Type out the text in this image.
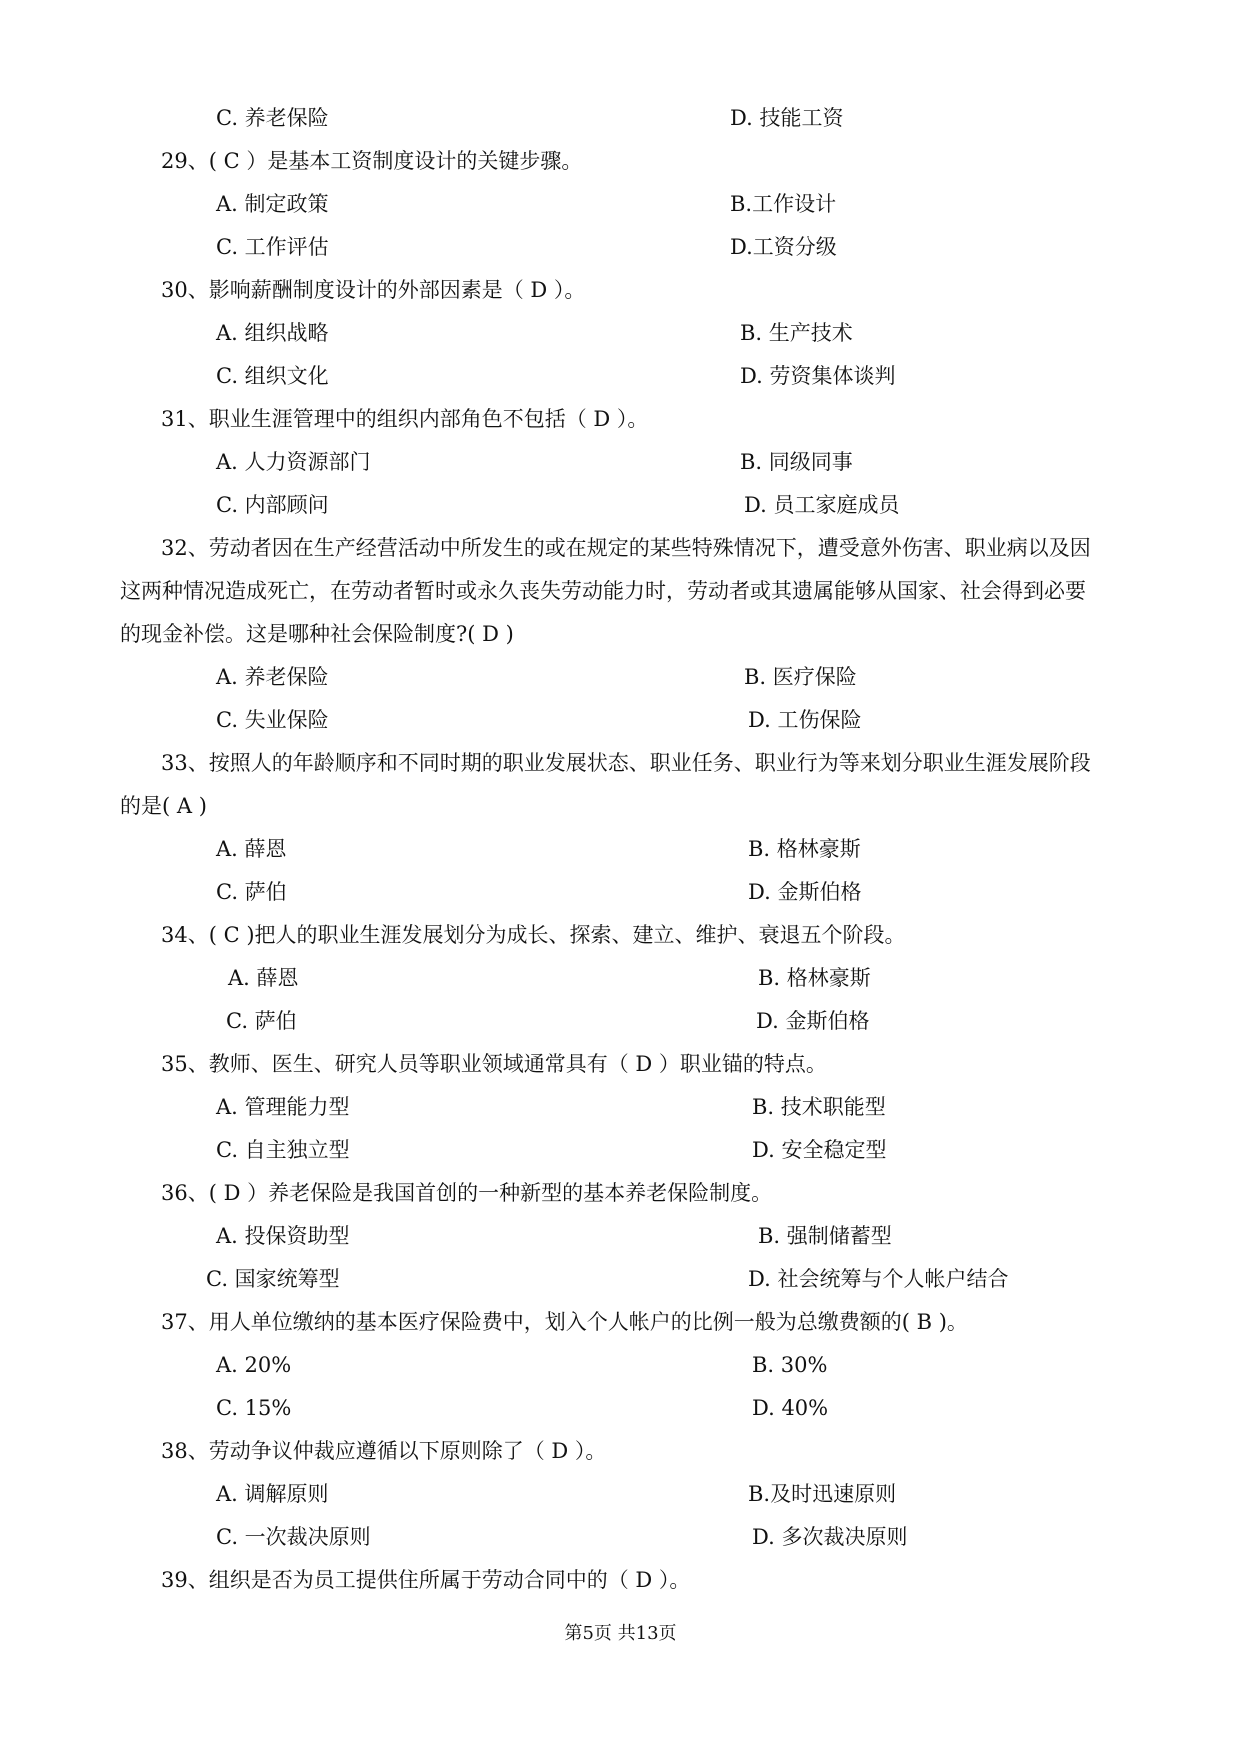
C. 养老保险	D. 技能工资
29、( C ）是基本工资制度设计的关键步骤。
A. 制定政策	B.工作设计
C. 工作评估	D.工资分级
30、影响薪酬制度设计的外部因素是（ D ）。
A. 组织战略	B. 生产技术
C. 组织文化	D. 劳资集体谈判
31、职业生涯管理中的组织内部角色不包括（ D ）。
A. 人力资源部门	B. 同级同事
C. 内部顾问	D. 员工家庭成员
32、劳动者因在生产经营活动中所发生的或在规定的某些特殊情况下，遭受意外伤害、职业病以及因
这两种情况造成死亡，在劳动者暂时或永久丧失劳动能力时，劳动者或其遗属能够从国家、社会得到必要
的现金补偿。这是哪种社会保险制度?( D )
A. 养老保险	B. 医疗保险
C. 失业保险	D. 工伤保险
33、按照人的年龄顺序和不同时期的职业发展状态、职业任务、职业行为等来划分职业生涯发展阶段
的是( A )
A. 薛恩	B. 格林豪斯
C. 萨伯	D. 金斯伯格
34、( C )把人的职业生涯发展划分为成长、探索、建立、维护、衰退五个阶段。
A. 薛恩	B. 格林豪斯
C. 萨伯	D. 金斯伯格
35、教师、医生、研究人员等职业领域通常具有（ D ）职业锚的特点。
A. 管理能力型	B. 技术职能型
C. 自主独立型	D. 安全稳定型
36、( D ）养老保险是我国首创的一种新型的基本养老保险制度。
A. 投保资助型	B. 强制储蓄型
C. 国家统筹型	D. 社会统筹与个人帐户结合
37、用人单位缴纳的基本医疗保险费中，划入个人帐户的比例一般为总缴费额的( B )。
A. 20%	B. 30%
C. 15%	D. 40%
38、劳动争议仲裁应遵循以下原则除了（ D ）。
A. 调解原则	B.及时迅速原则
C. 一次裁决原则	D. 多次裁决原则
39、组织是否为员工提供住所属于劳动合同中的（ D ）。
第5页 共13页
